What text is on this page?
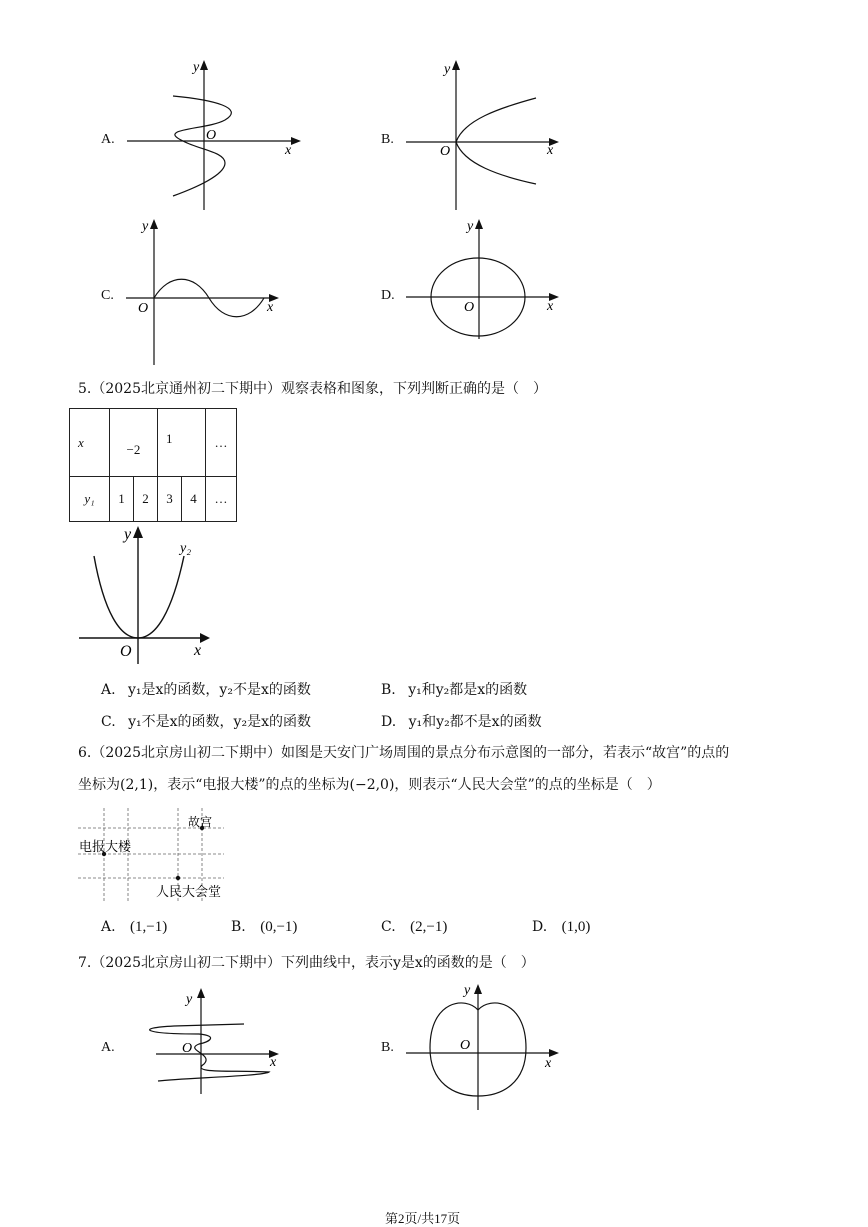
A.
y
x
O	B.
y
x
O
C.
y
x
O
D.
y
x
O
5.（2025北京通州初二下期中）观察表格和图象，下列判断正确的是（　）
x	−2		1		…
y₁	1	2	3	4	…
y
x
O
y₂
A. y₁是x的函数，y₂不是x的函数	B. y₁和y₂都是x的函数
C. y₁不是x的函数，y₂是x的函数	D. y₁和y₂都不是x的函数
6.（2025北京房山初二下期中）如图是天安门广场周围的景点分布示意图的一部分，若表示“故宫”的点的
坐标为(2,1)，表示“电报大楼”的点的坐标为(−2,0)，则表示“人民大会堂”的点的坐标是（　）
故宫
电报大楼
人民大会堂
A. (1,−1)	B. (0,−1)	C. (2,−1)	D. (1,0)
7.（2025北京房山初二下期中）下列曲线中，表示y是x的函数的是（　）
A.
y
x
O	B.
y
x
O
第2页/共17页
